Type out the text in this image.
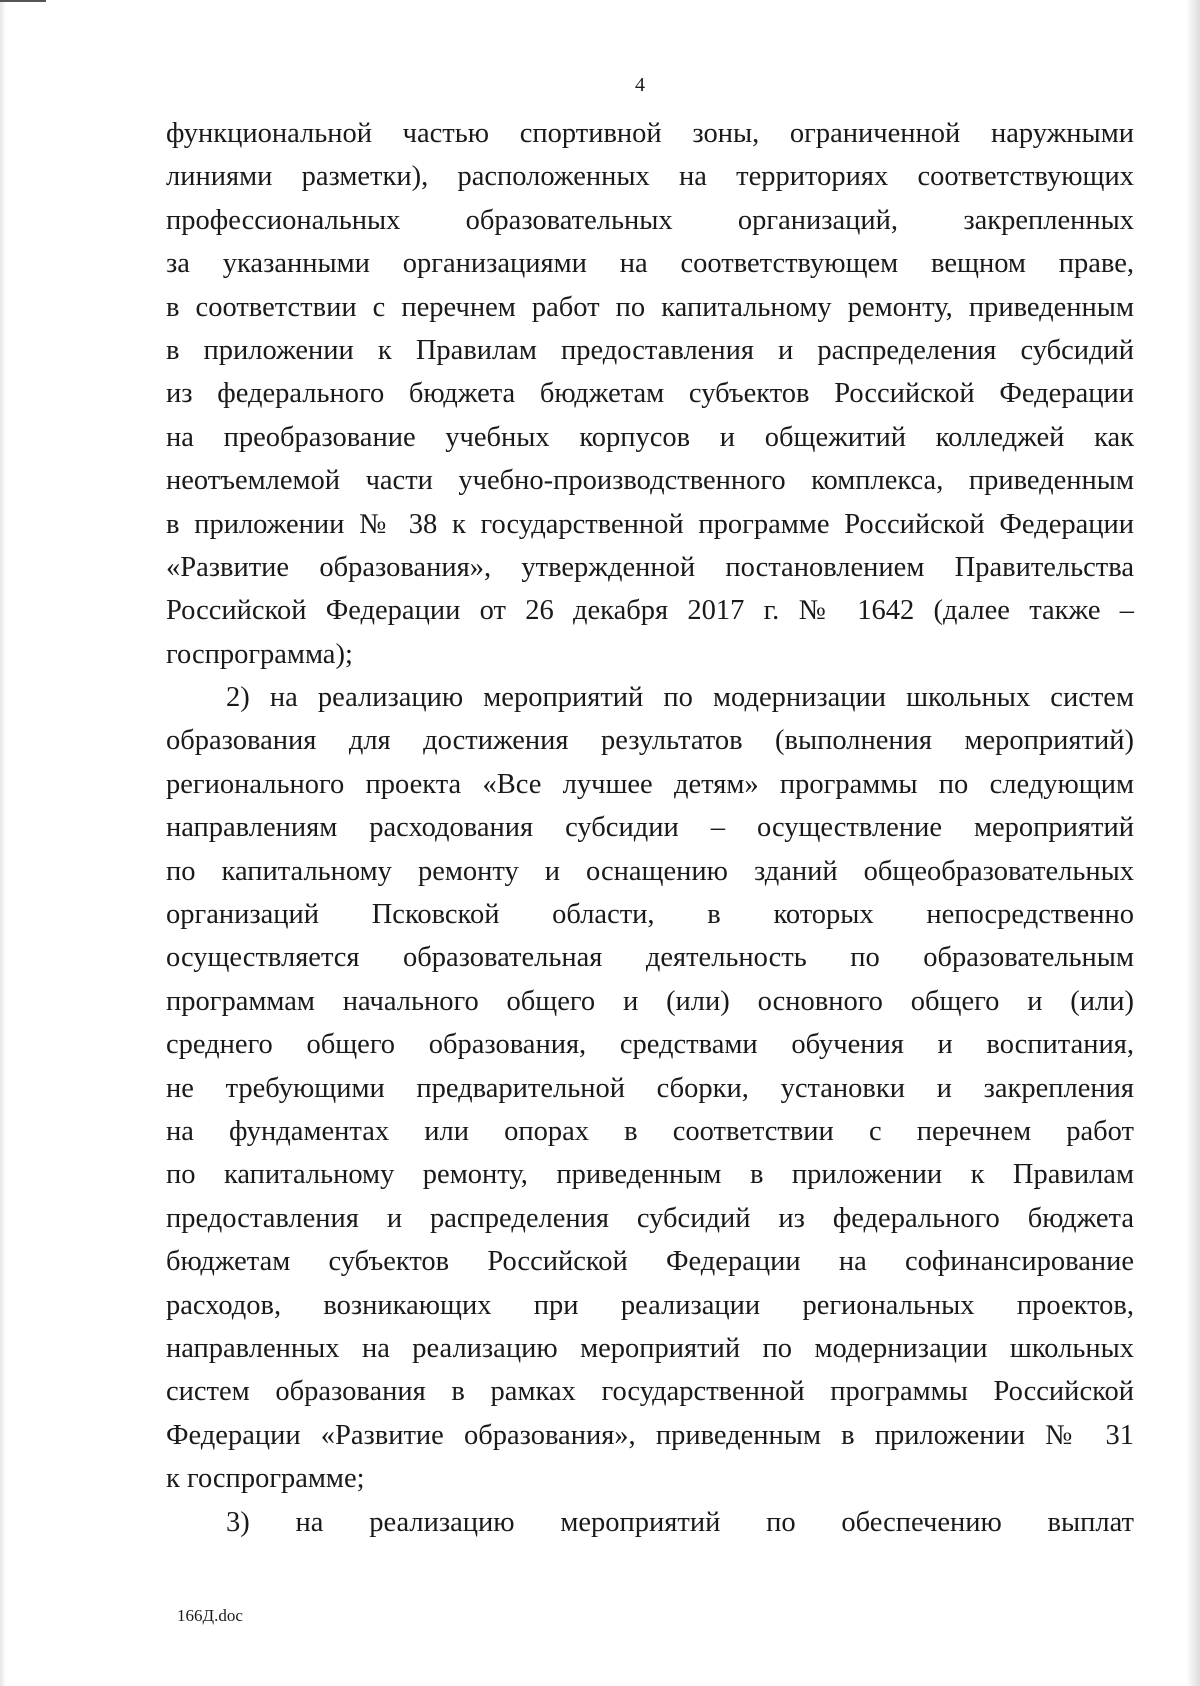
4
функциональной частью спортивной зоны, ограниченной наружными
линиями разметки), расположенных на территориях соответствующих
профессиональных образовательных организаций, закрепленных
за указанными организациями на соответствующем вещном праве,
в соответствии с перечнем работ по капитальному ремонту, приведенным
в приложении к Правилам предоставления и распределения субсидий
из федерального бюджета бюджетам субъектов Российской Федерации
на преобразование учебных корпусов и общежитий колледжей как
неотъемлемой части учебно-производственного комплекса, приведенным
в приложении № 38 к государственной программе Российской Федерации
«Развитие образования», утвержденной постановлением Правительства
Российской Федерации от 26 декабря 2017 г. № 1642 (далее также –
госпрограмма);
2) на реализацию мероприятий по модернизации школьных систем
образования для достижения результатов (выполнения мероприятий)
регионального проекта «Все лучшее детям» программы по следующим
направлениям расходования субсидии – осуществление мероприятий
по капитальному ремонту и оснащению зданий общеобразовательных
организаций Псковской области, в которых непосредственно
осуществляется образовательная деятельность по образовательным
программам начального общего и (или) основного общего и (или)
среднего общего образования, средствами обучения и воспитания,
не требующими предварительной сборки, установки и закрепления
на фундаментах или опорах в соответствии с перечнем работ
по капитальному ремонту, приведенным в приложении к Правилам
предоставления и распределения субсидий из федерального бюджета
бюджетам субъектов Российской Федерации на софинансирование
расходов, возникающих при реализации региональных проектов,
направленных на реализацию мероприятий по модернизации школьных
систем образования в рамках государственной программы Российской
Федерации «Развитие образования», приведенным в приложении № 31
к госпрограмме;
3) на реализацию мероприятий по обеспечению выплат
166Д.doc
